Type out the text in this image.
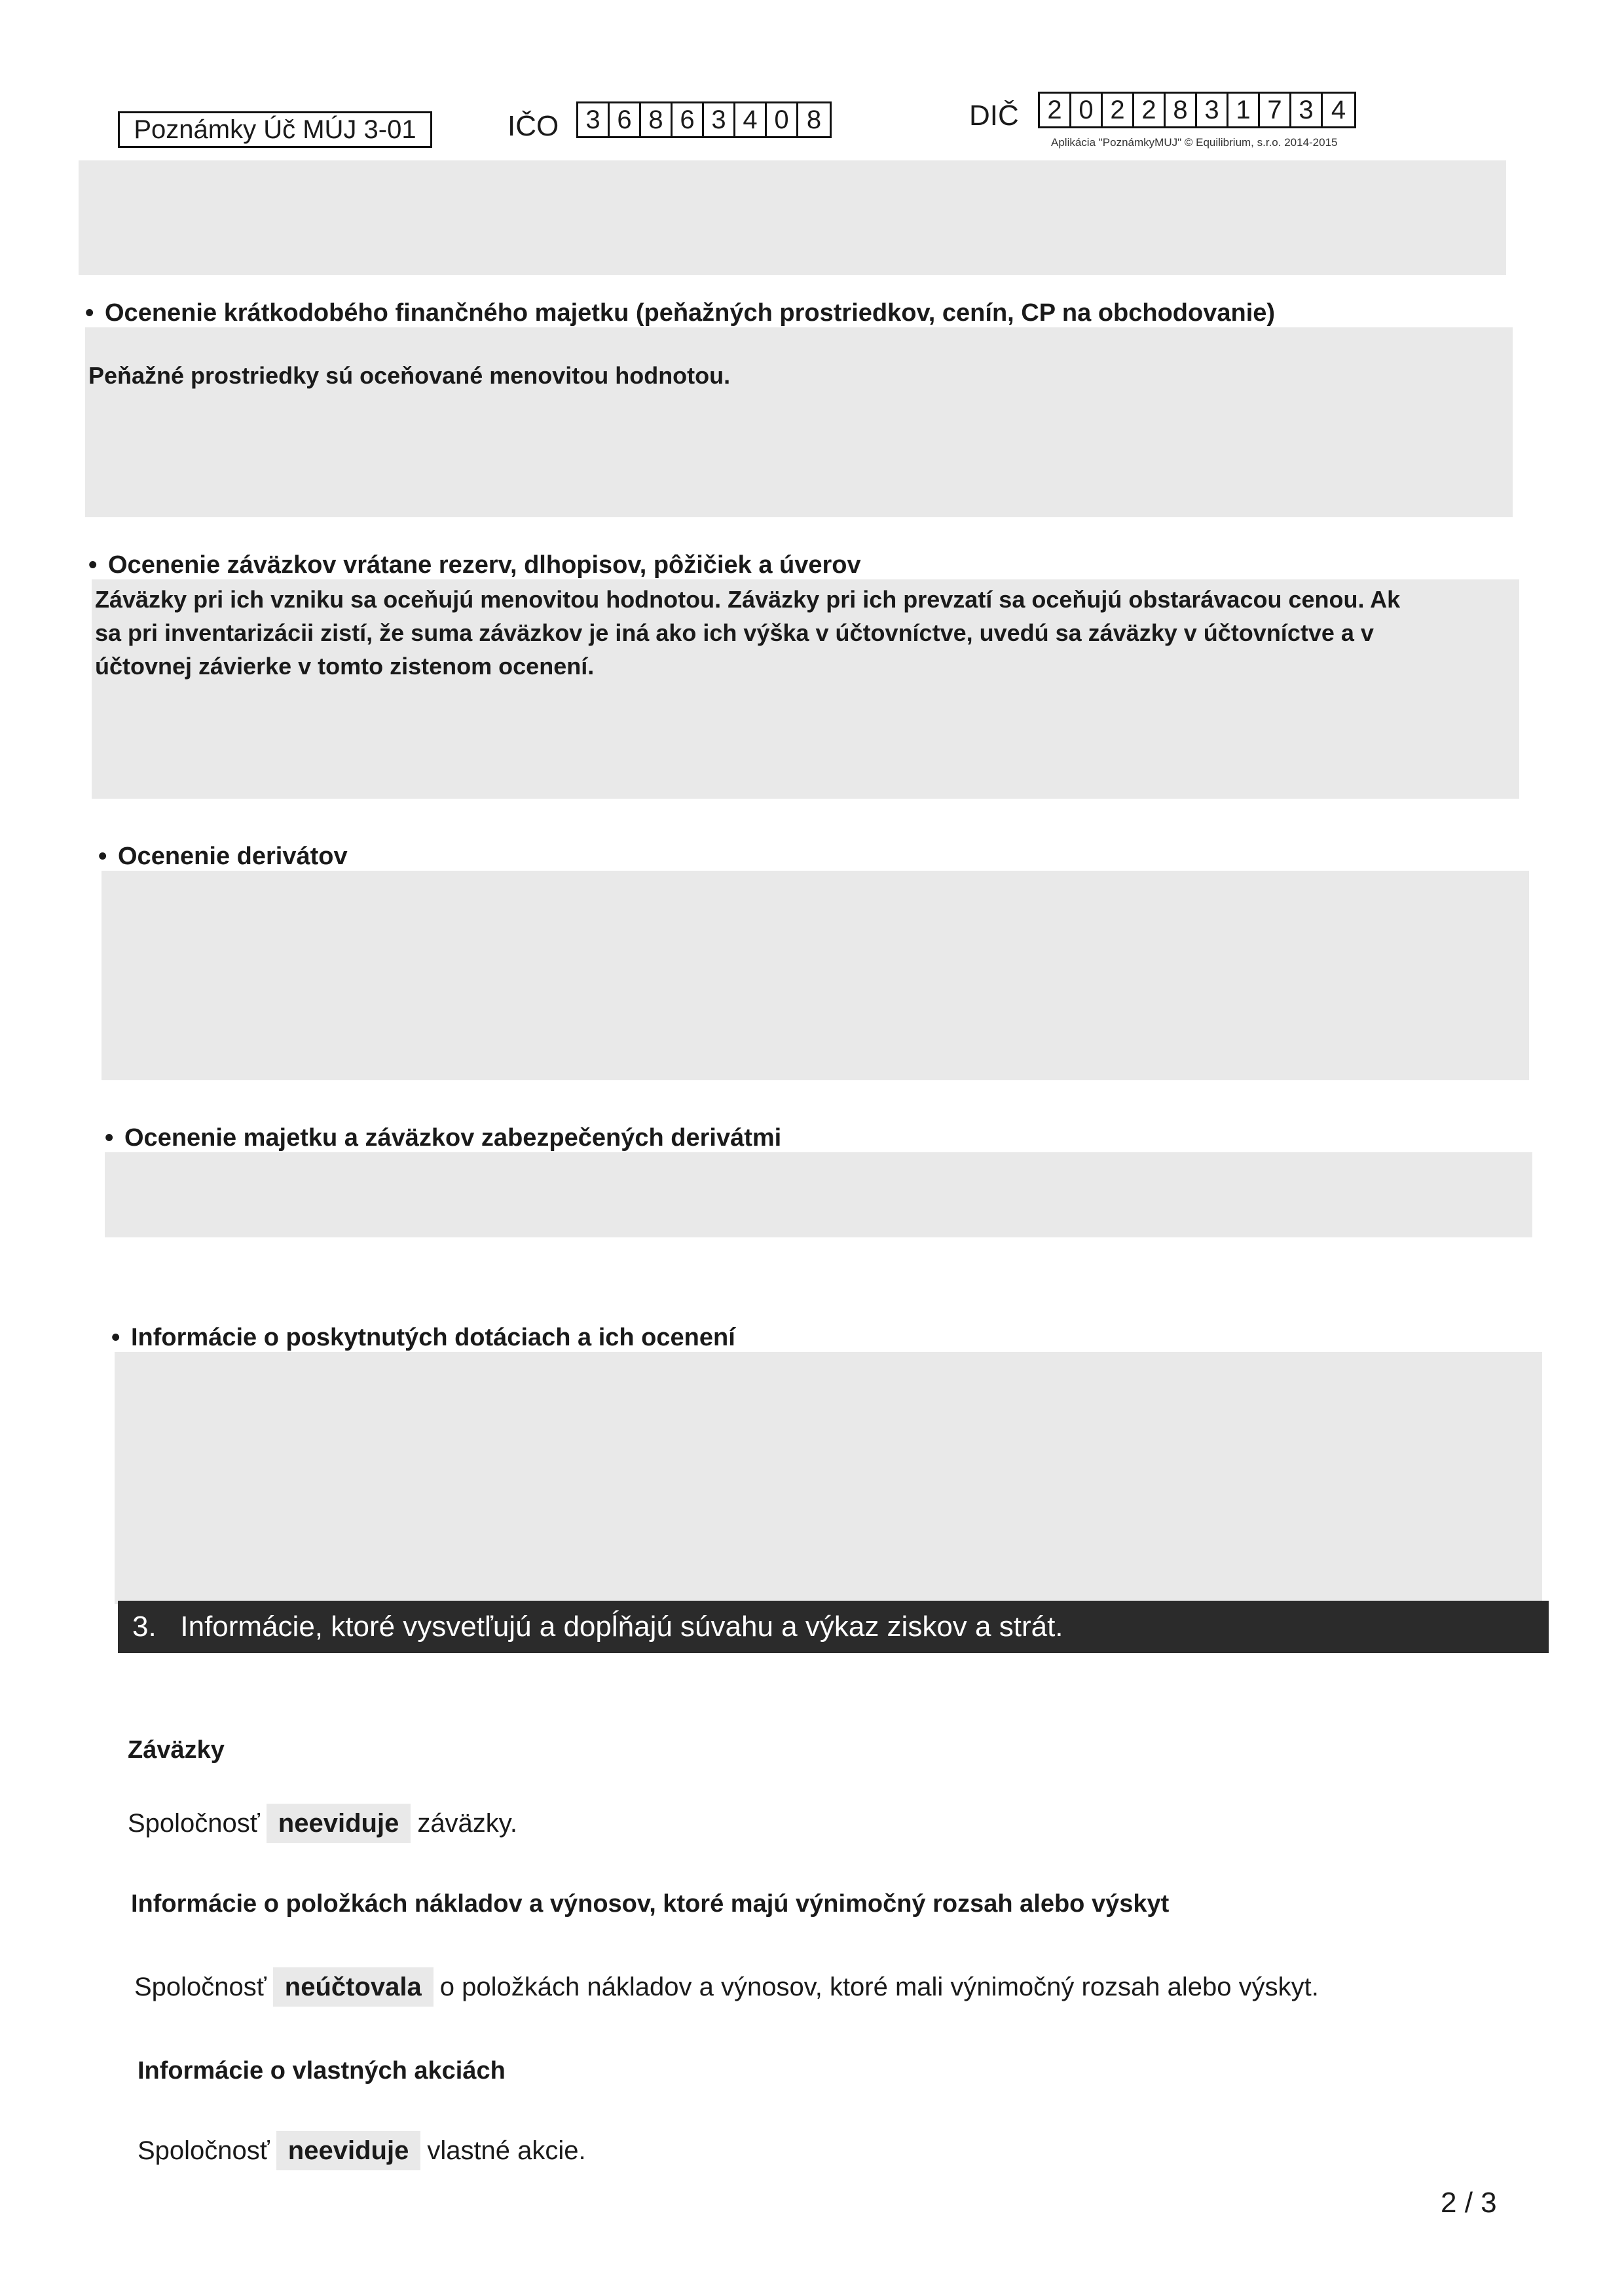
Poznámky Úč MÚJ 3-01	IČO 3 6 8 6 3 4 0 8	DIČ 2 0 2 2 8 3 1 7 3 4
Aplikácia "PoznámkyMUJ" © Equilibrium, s.r.o. 2014-2015
• Ocenenie krátkodobého finančného majetku (peňažných prostriedkov, cenín, CP na obchodovanie)

Peňažné prostriedky sú oceňované menovitou hodnotou.

• Ocenenie záväzkov vrátane rezerv, dlhopisov, pôžičiek a úverov

Záväzky pri ich vzniku sa oceňujú menovitou hodnotou. Záväzky pri ich prevzatí sa oceňujú obstarávacou cenou. Ak sa pri inventarizácii zistí, že suma záväzkov je iná ako ich výška v účtovníctve, uvedú sa záväzky v účtovníctve a v účtovnej závierke v tomto zistenom ocenení.

• Ocenenie derivátov
• Ocenenie majetku a záväzkov zabezpečených derivátmi
• Informácie o poskytnutých dotáciach a ich ocenení
3. Informácie, ktoré vysvetľujú a dopĺňajú súvahu a výkaz ziskov a strát.
Záväzky
Spoločnosť neeviduje záväzky.
Informácie o položkách nákladov a výnosov, ktoré majú výnimočný rozsah alebo výskyt
Spoločnosť neúčtovala o položkách nákladov a výnosov, ktoré mali výnimočný rozsah alebo výskyt.
Informácie o vlastných akciách
Spoločnosť neeviduje vlastné akcie.
2 / 3
